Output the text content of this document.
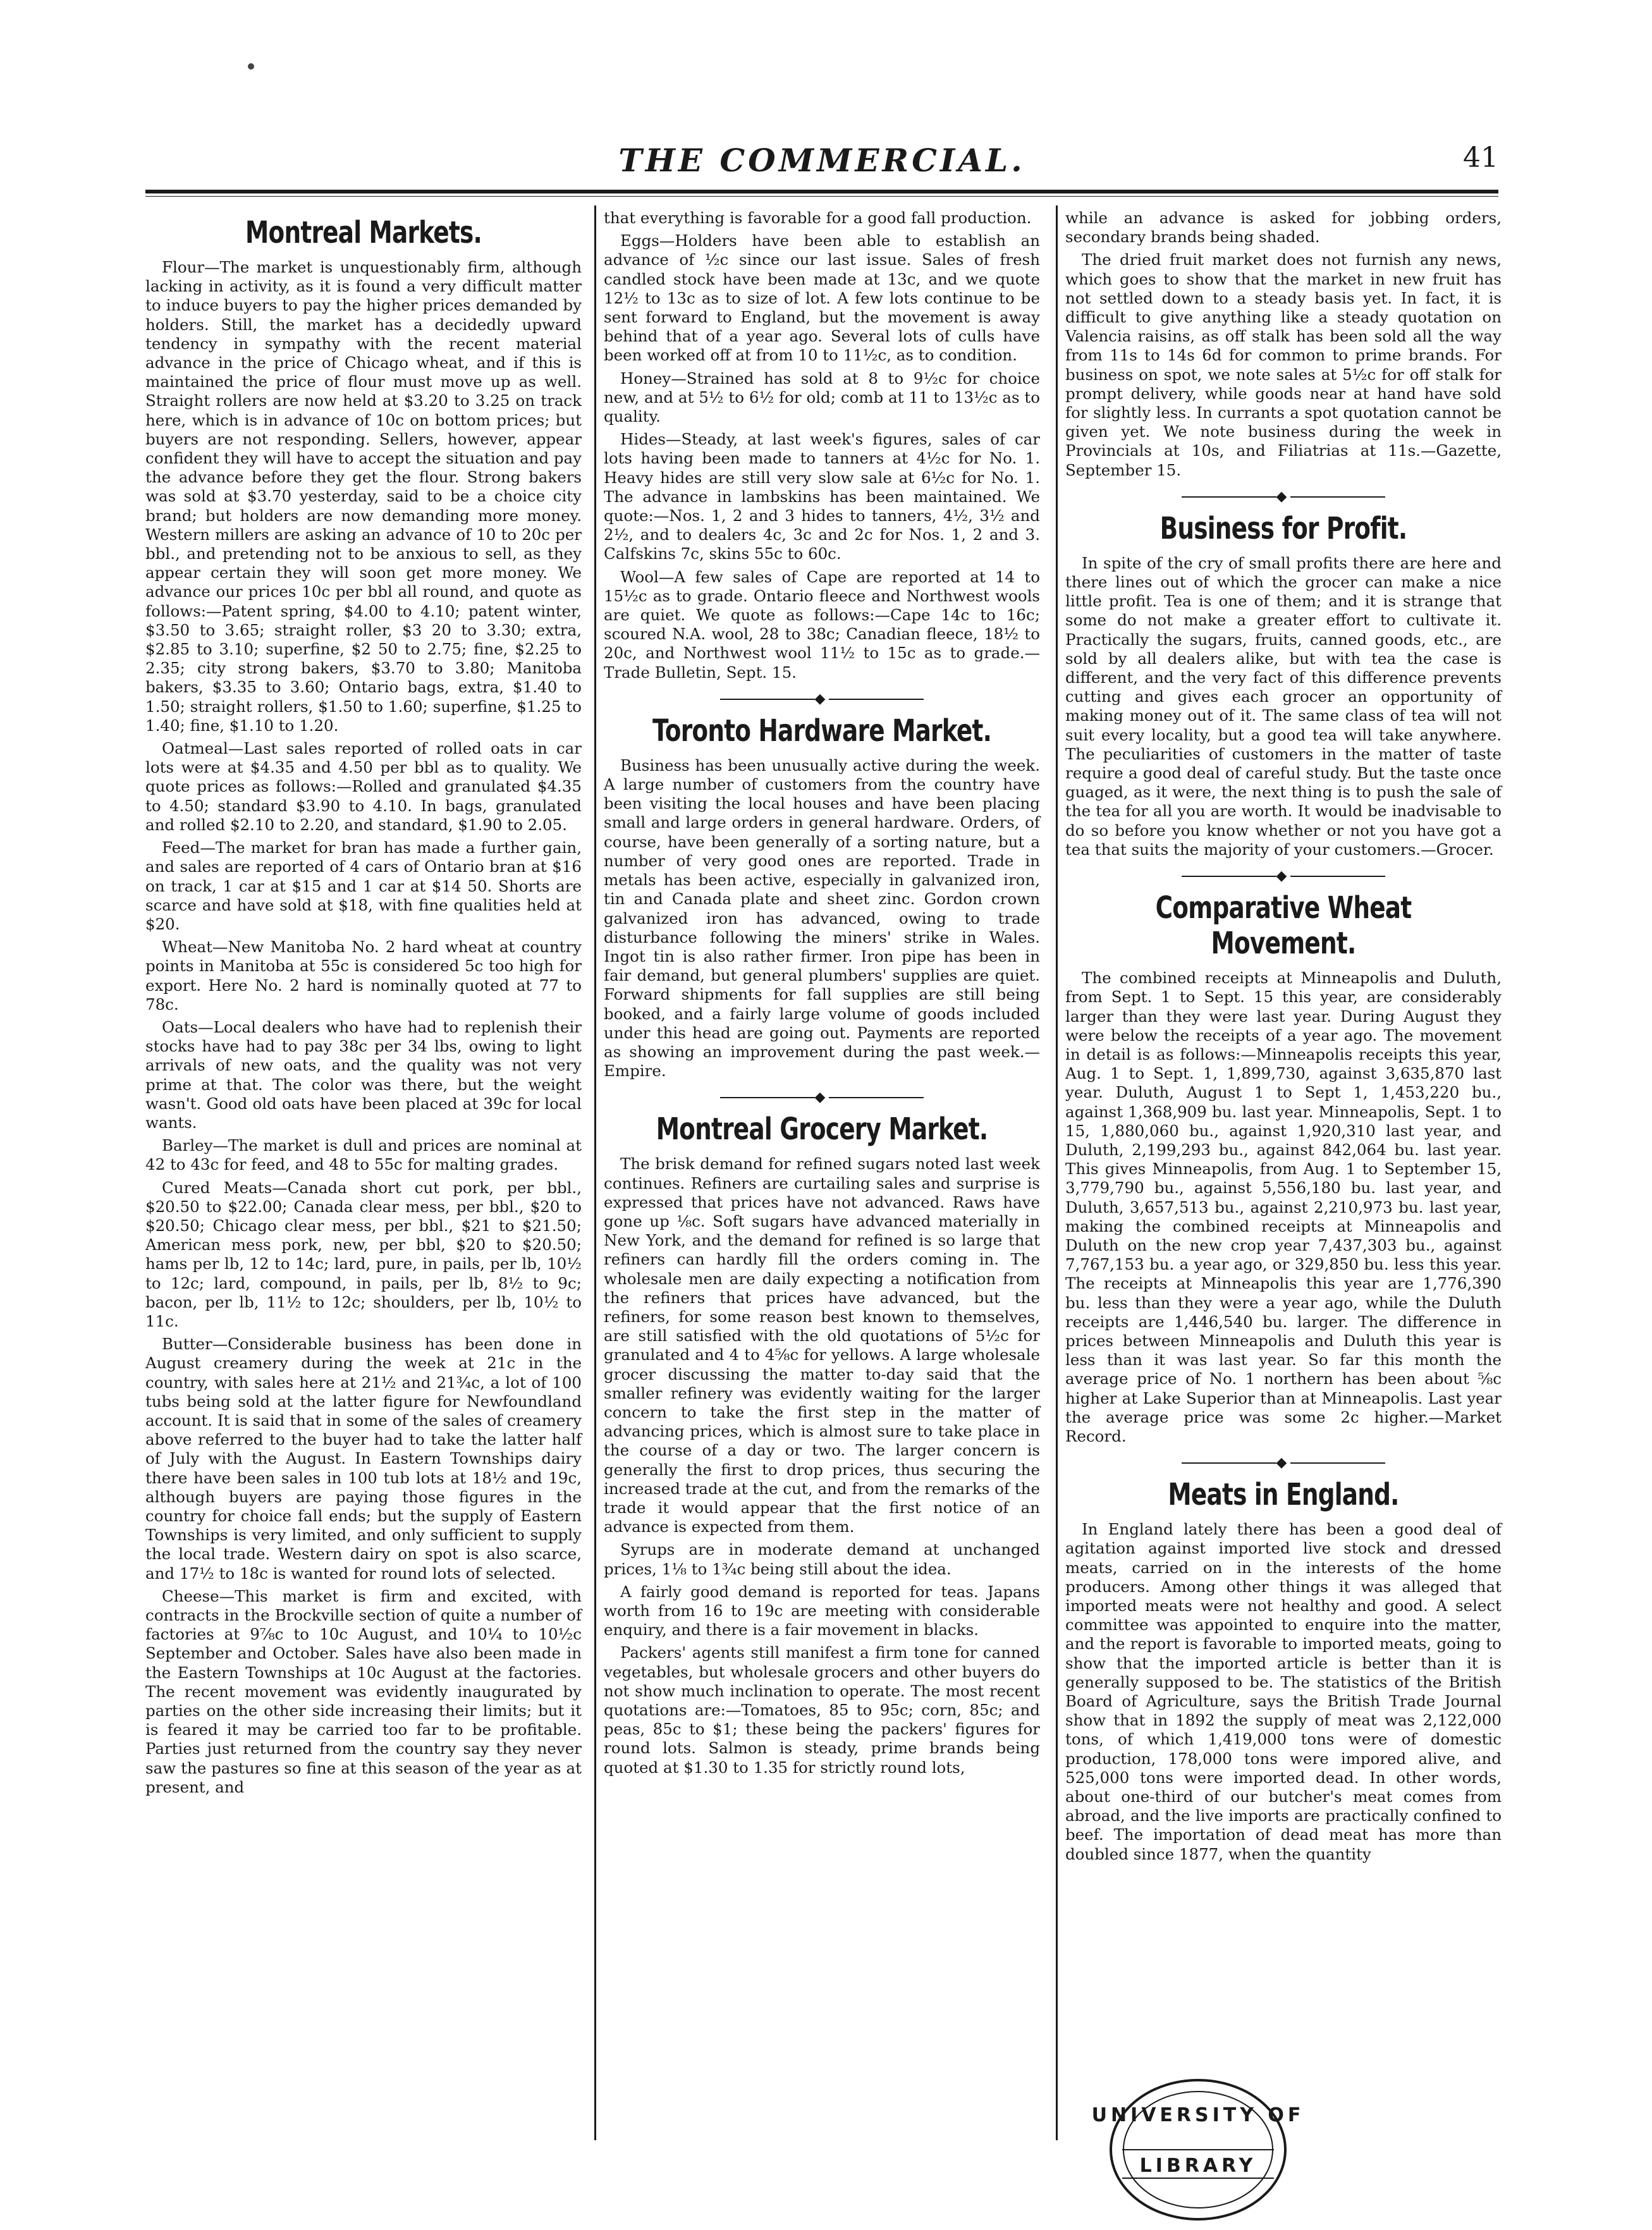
THE COMMERCIAL.	41
Montreal Markets.

Flour—The market is unquestionably firm, although lacking in activity, as it is found a very difficult matter to induce buyers to pay the higher prices demanded by holders. Still, the market has a decidedly upward tendency in sympathy with the recent material advance in the price of Chicago wheat, and if this is maintained the price of flour must move up as well. Straight rollers are now held at $3.20 to 3.25 on track here, which is in advance of 10c on bottom prices; but buyers are not responding. Sellers, however, appear confident they will have to accept the situation and pay the advance before they get the flour. Strong bakers was sold at $3.70 yesterday, said to be a choice city brand; but holders are now demanding more money. Western millers are asking an advance of 10 to 20c per bbl., and pretending not to be anxious to sell, as they appear certain they will soon get more money. We advance our prices 10c per bbl all round, and quote as follows:—Patent spring, $4.00 to 4.10; patent winter, $3.50 to 3.65; straight roller, $3 20 to 3.30; extra, $2.85 to 3.10; superfine, $2 50 to 2.75; fine, $2.25 to 2.35; city strong bakers, $3.70 to 3.80; Manitoba bakers, $3.35 to 3.60; Ontario bags, extra, $1.40 to 1.50; straight rollers, $1.50 to 1.60; superfine, $1.25 to 1.40; fine, $1.10 to 1.20.

Oatmeal—Last sales reported of rolled oats in car lots were at $4.35 and 4.50 per bbl as to quality. We quote prices as follows:—Rolled and granulated $4.35 to 4.50; standard $3.90 to 4.10. In bags, granulated and rolled $2.10 to 2.20, and standard, $1.90 to 2.05.

Feed—The market for bran has made a further gain, and sales are reported of 4 cars of Ontario bran at $16 on track, 1 car at $15 and 1 car at $14 50. Shorts are scarce and have sold at $18, with fine qualities held at $20.

Wheat—New Manitoba No. 2 hard wheat at country points in Manitoba at 55c is considered 5c too high for export. Here No. 2 hard is nominally quoted at 77 to 78c.

Oats—Local dealers who have had to replenish their stocks have had to pay 38c per 34 lbs, owing to light arrivals of new oats, and the quality was not very prime at that. The color was there, but the weight wasn't. Good old oats have been placed at 39c for local wants.

Barley—The market is dull and prices are nominal at 42 to 43c for feed, and 48 to 55c for malting grades.

Cured Meats—Canada short cut pork, per bbl., $20.50 to $22.00; Canada clear mess, per bbl., $20 to $20.50; Chicago clear mess, per bbl., $21 to $21.50; American mess pork, new, per bbl, $20 to $20.50; hams per lb, 12 to 14c; lard, pure, in pails, per lb, 10½ to 12c; lard, compound, in pails, per lb, 8½ to 9c; bacon, per lb, 11½ to 12c; shoulders, per lb, 10½ to 11c.

Butter—Considerable business has been done in August creamery during the week at 21c in the country, with sales here at 21½ and 21¾c, a lot of 100 tubs being sold at the latter figure for Newfoundland account. It is said that in some of the sales of creamery above referred to the buyer had to take the latter half of July with the August. In Eastern Townships dairy there have been sales in 100 tub lots at 18½ and 19c, although buyers are paying those figures in the country for choice fall ends; but the supply of Eastern Townships is very limited, and only sufficient to supply the local trade. Western dairy on spot is also scarce, and 17½ to 18c is wanted for round lots of selected.

Cheese—This market is firm and excited, with contracts in the Brockville section of quite a number of factories at 9⅞c to 10c August, and 10¼ to 10½c September and October. Sales have also been made in the Eastern Townships at 10c August at the factories. The recent movement was evidently inaugurated by parties on the other side increasing their limits; but it is feared it may be carried too far to be profitable. Parties just returned from the country say they never saw the pastures so fine at this season of the year as at present, and

that everything is favorable for a good fall production.

Eggs—Holders have been able to establish an advance of ½c since our last issue. Sales of fresh candled stock have been made at 13c, and we quote 12½ to 13c as to size of lot. A few lots continue to be sent forward to England, but the movement is away behind that of a year ago. Several lots of culls have been worked off at from 10 to 11½c, as to condition.

Honey—Strained has sold at 8 to 9½c for choice new, and at 5½ to 6½ for old; comb at 11 to 13½c as to quality.

Hides—Steady, at last week's figures, sales of car lots having been made to tanners at 4½c for No. 1. Heavy hides are still very slow sale at 6½c for No. 1. The advance in lambskins has been maintained. We quote:—Nos. 1, 2 and 3 hides to tanners, 4½, 3½ and 2½, and to dealers 4c, 3c and 2c for Nos. 1, 2 and 3. Calfskins 7c, skins 55c to 60c.

Wool—A few sales of Cape are reported at 14 to 15½c as to grade. Ontario fleece and Northwest wools are quiet. We quote as follows:—Cape 14c to 16c; scoured N.A. wool, 28 to 38c; Canadian fleece, 18½ to 20c, and Northwest wool 11½ to 15c as to grade.—Trade Bulletin, Sept. 15.

◆
Toronto Hardware Market.

Business has been unusually active during the week. A large number of customers from the country have been visiting the local houses and have been placing small and large orders in general hardware. Orders, of course, have been generally of a sorting nature, but a number of very good ones are reported. Trade in metals has been active, especially in galvanized iron, tin and Canada plate and sheet zinc. Gordon crown galvanized iron has advanced, owing to trade disturbance following the miners' strike in Wales. Ingot tin is also rather firmer. Iron pipe has been in fair demand, but general plumbers' supplies are quiet. Forward shipments for fall supplies are still being booked, and a fairly large volume of goods included under this head are going out. Payments are reported as showing an improvement during the past week.—Empire.

◆
Montreal Grocery Market.

The brisk demand for refined sugars noted last week continues. Refiners are curtailing sales and surprise is expressed that prices have not advanced. Raws have gone up ⅛c. Soft sugars have advanced materially in New York, and the demand for refined is so large that refiners can hardly fill the orders coming in. The wholesale men are daily expecting a notification from the refiners that prices have advanced, but the refiners, for some reason best known to themselves, are still satisfied with the old quotations of 5½c for granulated and 4 to 4⅝c for yellows. A large wholesale grocer discussing the matter to-day said that the smaller refinery was evidently waiting for the larger concern to take the first step in the matter of advancing prices, which is almost sure to take place in the course of a day or two. The larger concern is generally the first to drop prices, thus securing the increased trade at the cut, and from the remarks of the trade it would appear that the first notice of an advance is expected from them.

Syrups are in moderate demand at unchanged prices, 1⅛ to 1¾c being still about the idea.

A fairly good demand is reported for teas. Japans worth from 16 to 19c are meeting with considerable enquiry, and there is a fair movement in blacks.

Packers' agents still manifest a firm tone for canned vegetables, but wholesale grocers and other buyers do not show much inclination to operate. The most recent quotations are:—Tomatoes, 85 to 95c; corn, 85c; and peas, 85c to $1; these being the packers' figures for round lots. Salmon is steady, prime brands being quoted at $1.30 to 1.35 for strictly round lots,

while an advance is asked for jobbing orders, secondary brands being shaded.

The dried fruit market does not furnish any news, which goes to show that the market in new fruit has not settled down to a steady basis yet. In fact, it is difficult to give anything like a steady quotation on Valencia raisins, as off stalk has been sold all the way from 11s to 14s 6d for common to prime brands. For business on spot, we note sales at 5½c for off stalk for prompt delivery, while goods near at hand have sold for slightly less. In currants a spot quotation cannot be given yet. We note business during the week in Provincials at 10s, and Filiatrias at 11s.—Gazette, September 15.

◆
Business for Profit.

In spite of the cry of small profits there are here and there lines out of which the grocer can make a nice little profit. Tea is one of them; and it is strange that some do not make a greater effort to cultivate it. Practically the sugars, fruits, canned goods, etc., are sold by all dealers alike, but with tea the case is different, and the very fact of this difference prevents cutting and gives each grocer an opportunity of making money out of it. The same class of tea will not suit every locality, but a good tea will take anywhere. The peculiarities of customers in the matter of taste require a good deal of careful study. But the taste once guaged, as it were, the next thing is to push the sale of the tea for all you are worth. It would be inadvisable to do so before you know whether or not you have got a tea that suits the majority of your customers.—Grocer.

◆
Comparative Wheat Movement.

The combined receipts at Minneapolis and Duluth, from Sept. 1 to Sept. 15 this year, are considerably larger than they were last year. During August they were below the receipts of a year ago. The movement in detail is as follows:—Minneapolis receipts this year, Aug. 1 to Sept. 1, 1,899,730, against 3,635,870 last year. Duluth, August 1 to Sept 1, 1,453,220 bu., against 1,368,909 bu. last year. Minneapolis, Sept. 1 to 15, 1,880,060 bu., against 1,920,310 last year, and Duluth, 2,199,293 bu., against 842,064 bu. last year. This gives Minneapolis, from Aug. 1 to September 15, 3,779,790 bu., against 5,556,180 bu. last year, and Duluth, 3,657,513 bu., against 2,210,973 bu. last year, making the combined receipts at Minneapolis and Duluth on the new crop year 7,437,303 bu., against 7,767,153 bu. a year ago, or 329,850 bu. less this year. The receipts at Minneapolis this year are 1,776,390 bu. less than they were a year ago, while the Duluth receipts are 1,446,540 bu. larger. The difference in prices between Minneapolis and Duluth this year is less than it was last year. So far this month the average price of No. 1 northern has been about ⅝c higher at Lake Superior than at Minneapolis. Last year the average price was some 2c higher.—Market Record.

◆
Meats in England.

In England lately there has been a good deal of agitation against imported live stock and dressed meats, carried on in the interests of the home producers. Among other things it was alleged that imported meats were not healthy and good. A select committee was appointed to enquire into the matter, and the report is favorable to imported meats, going to show that the imported article is better than it is generally supposed to be. The statistics of the British Board of Agriculture, says the British Trade Journal show that in 1892 the supply of meat was 2,122,000 tons, of which 1,419,000 tons were of domestic production, 178,000 tons were impored alive, and 525,000 tons were imported dead. In other words, about one-third of our butcher's meat comes from abroad, and the live imports are practically confined to beef. The importation of dead meat has more than doubled since 1877, when the quantity

UNIVERSITY OF
LIBRARY
